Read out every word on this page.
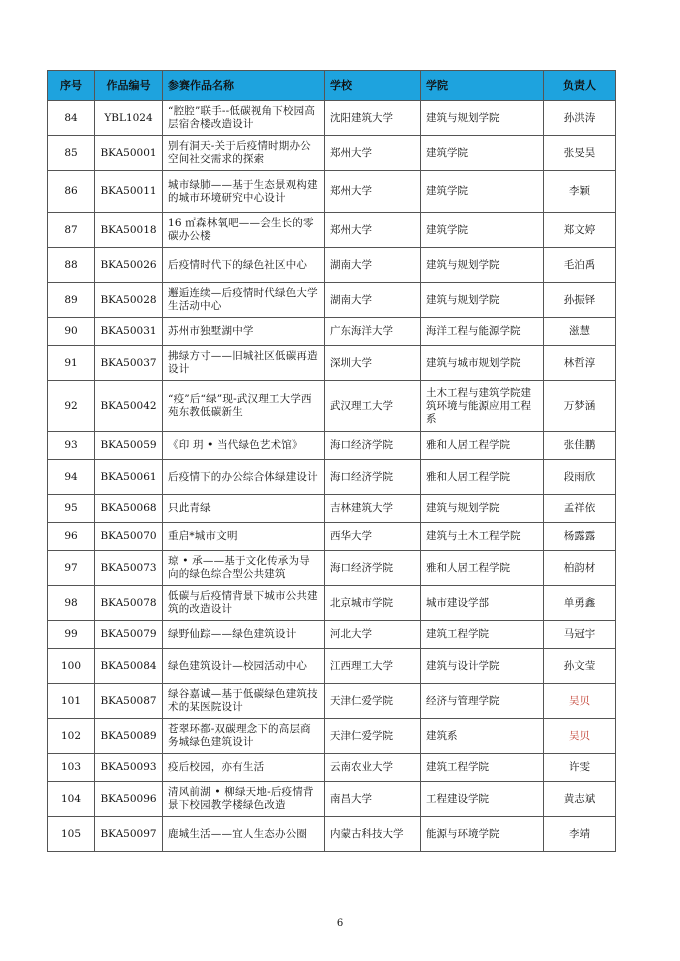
序号	作品编号	参赛作品名称	学校	学院	负责人
84	YBL1024	“腔腔”联手--低碳视角下校园高层宿舍楼改造设计	沈阳建筑大学	建筑与规划学院	孙洪涛
85	BKA50001	别有洞天-关于后疫情时期办公空间社交需求的探索	郑州大学	建筑学院	张旻昊
86	BKA50011	城市绿肺——基于生态景观构建的城市环境研究中心设计	郑州大学	建筑学院	李颖
87	BKA50018	16 ㎡森林氧吧——会生长的零碳办公楼	郑州大学	建筑学院	郑文婷
88	BKA50026	后疫情时代下的绿色社区中心	湖南大学	建筑与规划学院	毛泊禹
89	BKA50028	邂逅连续—后疫情时代绿色大学生活动中心	湖南大学	建筑与规划学院	孙振铎
90	BKA50031	苏州市独墅湖中学	广东海洋大学	海洋工程与能源学院	滋慧
91	BKA50037	拂绿方寸——旧城社区低碳再造设计	深圳大学	建筑与城市规划学院	林哲淳
92	BKA50042	“疫”后“绿”现-武汉理工大学西苑东教低碳新生	武汉理工大学	土木工程与建筑学院建筑环境与能源应用工程系	万梦涵
93	BKA50059	《印 玥 • 当代绿色艺术馆》	海口经济学院	雅和人居工程学院	张佳鹏
94	BKA50061	后疫情下的办公综合体绿建设计	海口经济学院	雅和人居工程学院	段雨欣
95	BKA50068	只此青绿	吉林建筑大学	建筑与规划学院	孟祥依
96	BKA50070	重启*城市文明	西华大学	建筑与土木工程学院	杨露露
97	BKA50073	琼 • 承——基于文化传承为导向的绿色综合型公共建筑	海口经济学院	雅和人居工程学院	柏韵材
98	BKA50078	低碳与后疫情背景下城市公共建筑的改造设计	北京城市学院	城市建设学部	单勇鑫
99	BKA50079	绿野仙踪——绿色建筑设计	河北大学	建筑工程学院	马冠宇
100	BKA50084	绿色建筑设计—校园活动中心	江西理工大学	建筑与设计学院	孙文莹
101	BKA50087	绿谷嘉诚—基于低碳绿色建筑技术的某医院设计	天津仁爱学院	经济与管理学院	吴贝
102	BKA50089	苍翠环都-双碳理念下的高层商务城绿色建筑设计	天津仁爱学院	建筑系	吴贝
103	BKA50093	疫后校园，亦有生活	云南农业大学	建筑工程学院	许雯
104	BKA50096	清风前湖 • 柳绿天地-后疫情背景下校园教学楼绿色改造	南昌大学	工程建设学院	黄志斌
105	BKA50097	鹿城生活——宜人生态办公圈	内蒙古科技大学	能源与环境学院	李靖
6
